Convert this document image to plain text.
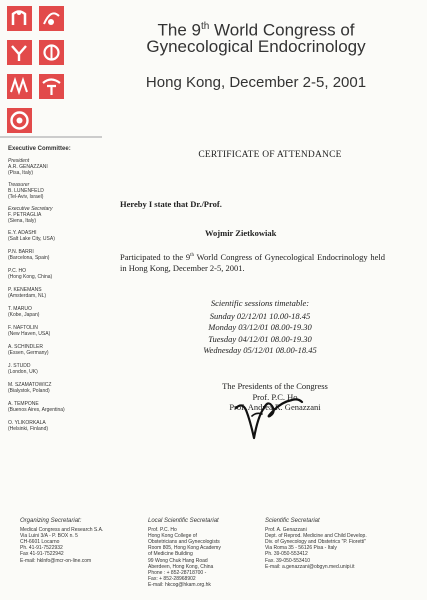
The 9th World Congress of
Gynecological Endocrinology
Hong Kong, December 2-5, 2001
Executive Committee:
President
A.R. GENAZZANI
(Pisa, Italy)
Treasurer
B. LUNENFELD
(Tel-Aviv, Israel)
Executive Secretary
F. PETRAGLIA
(Siena, Italy)
E.Y. ADASHI
(Salt Lake City, USA)
P.N. BARRI
(Barcelona, Spain)
P.C. HO
(Hong Kong, China)
P. KENEMANS
(Amsterdam, NL)
T. MARUO
(Kobe, Japan)
F. NAFTOLIN
(New Haven, USA)
A. SCHINDLER
(Essen, Germany)
J. STUDD
(London, UK)
M. SZAMATOWICZ
(Bialystok, Poland)
A. TEMPONE
(Buenos Aires, Argentina)
O. YLIKORKALA
(Helsinki, Finland)
CERTIFICATE OF ATTENDANCE
Hereby I state that Dr./Prof.
Wojmir Zietkowiak
Participated to the 9th World Congress of Gynecological Endocrinology held in Hong Kong, December 2-5, 2001.
Scientific sessions timetable:
Sunday 02/12/01 10.00-18.45
Monday 03/12/01 08.00-19.30
Tuesday 04/12/01 08.00-19.30
Wednesday 05/12/01 08.00-18.45
The Presidents of the Congress
Prof. P.C. Ho
Prof. Andrea R. Genazzani
Organizing Secretariat:
Medical Congress and Research S.A.
Via Luini 3/A - P. BOX n. 5
CH-6601 Locarno
Ph. 41-91-7522932
Fax 41-91-7522942
E-mail: hklnfo@mcr-on-line.com
Local Scientific Secretariat
Prof. P.C. Ho
Hong Kong College of
Obstetricians and Gynecologists
Room 805, Hong Kong Academy
of Medicine Building
99 Wong Chuk Hang Road
Aberdeen, Hong Kong, China
Phone : + 852-28718700 -
Fax: + 852-28968902
E-mail: hkcog@hkam.org.hk
Scientific Secretariat
Prof. A. Genazzani
Dept. of Reprod. Medicine and Child Develop.
Div. of Gynecology and Obstetrics "P. Fioretti"
Via Roma 35 - 56126 Pisa - Italy
Ph. 39-050-553412
Fax. 39-050-553410
E-mail: a.genazzani@obgyn.med.unipi.it
